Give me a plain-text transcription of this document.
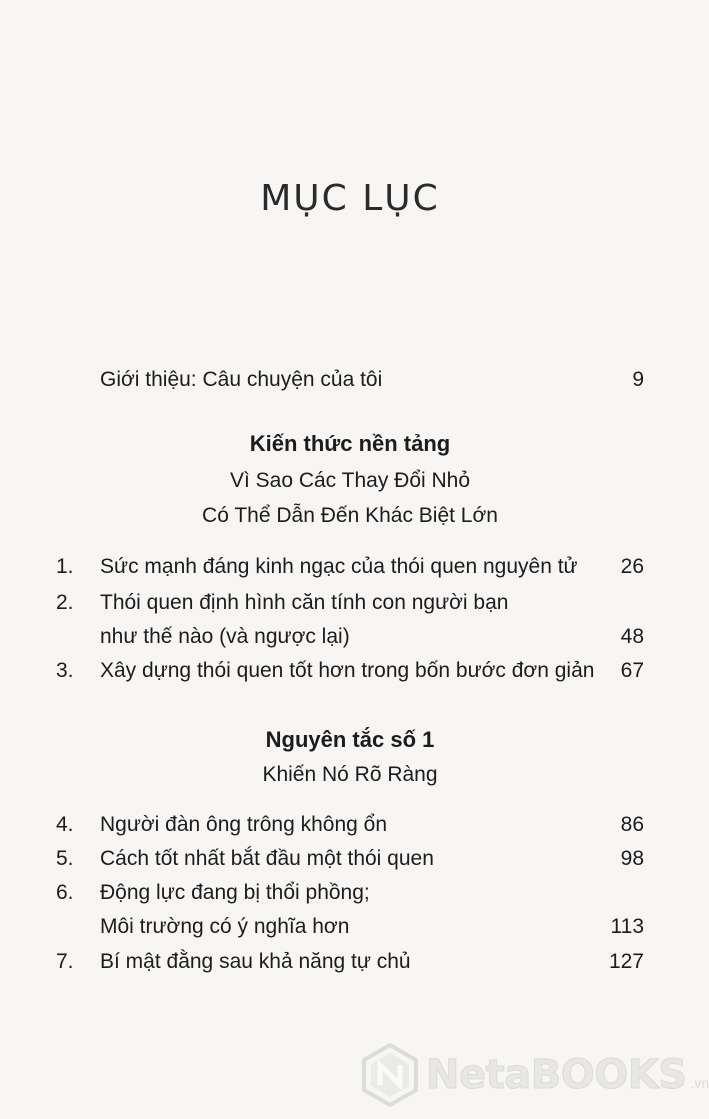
MỤC LỤC
Giới thiệu: Câu chuyện của tôi	9
Kiến thức nền tảng
Vì Sao Các Thay Đổi Nhỏ
Có Thể Dẫn Đến Khác Biệt Lớn
1.	Sức mạnh đáng kinh ngạc của thói quen nguyên tử 26
2.	Thói quen định hình căn tính con người bạn
như thế nào (và ngược lại)	48
3.	Xây dựng thói quen tốt hơn trong bốn bước đơn giản 67
Nguyên tắc số 1
Khiến Nó Rõ Ràng
4.	Người đàn ông trông không ổn	86
5.	Cách tốt nhất bắt đầu một thói quen	98
6.	Động lực đang bị thổi phồng;
Môi trường có ý nghĩa hơn	113
7.	Bí mật đằng sau khả năng tự chủ	127
NetaBOOKS .vn
